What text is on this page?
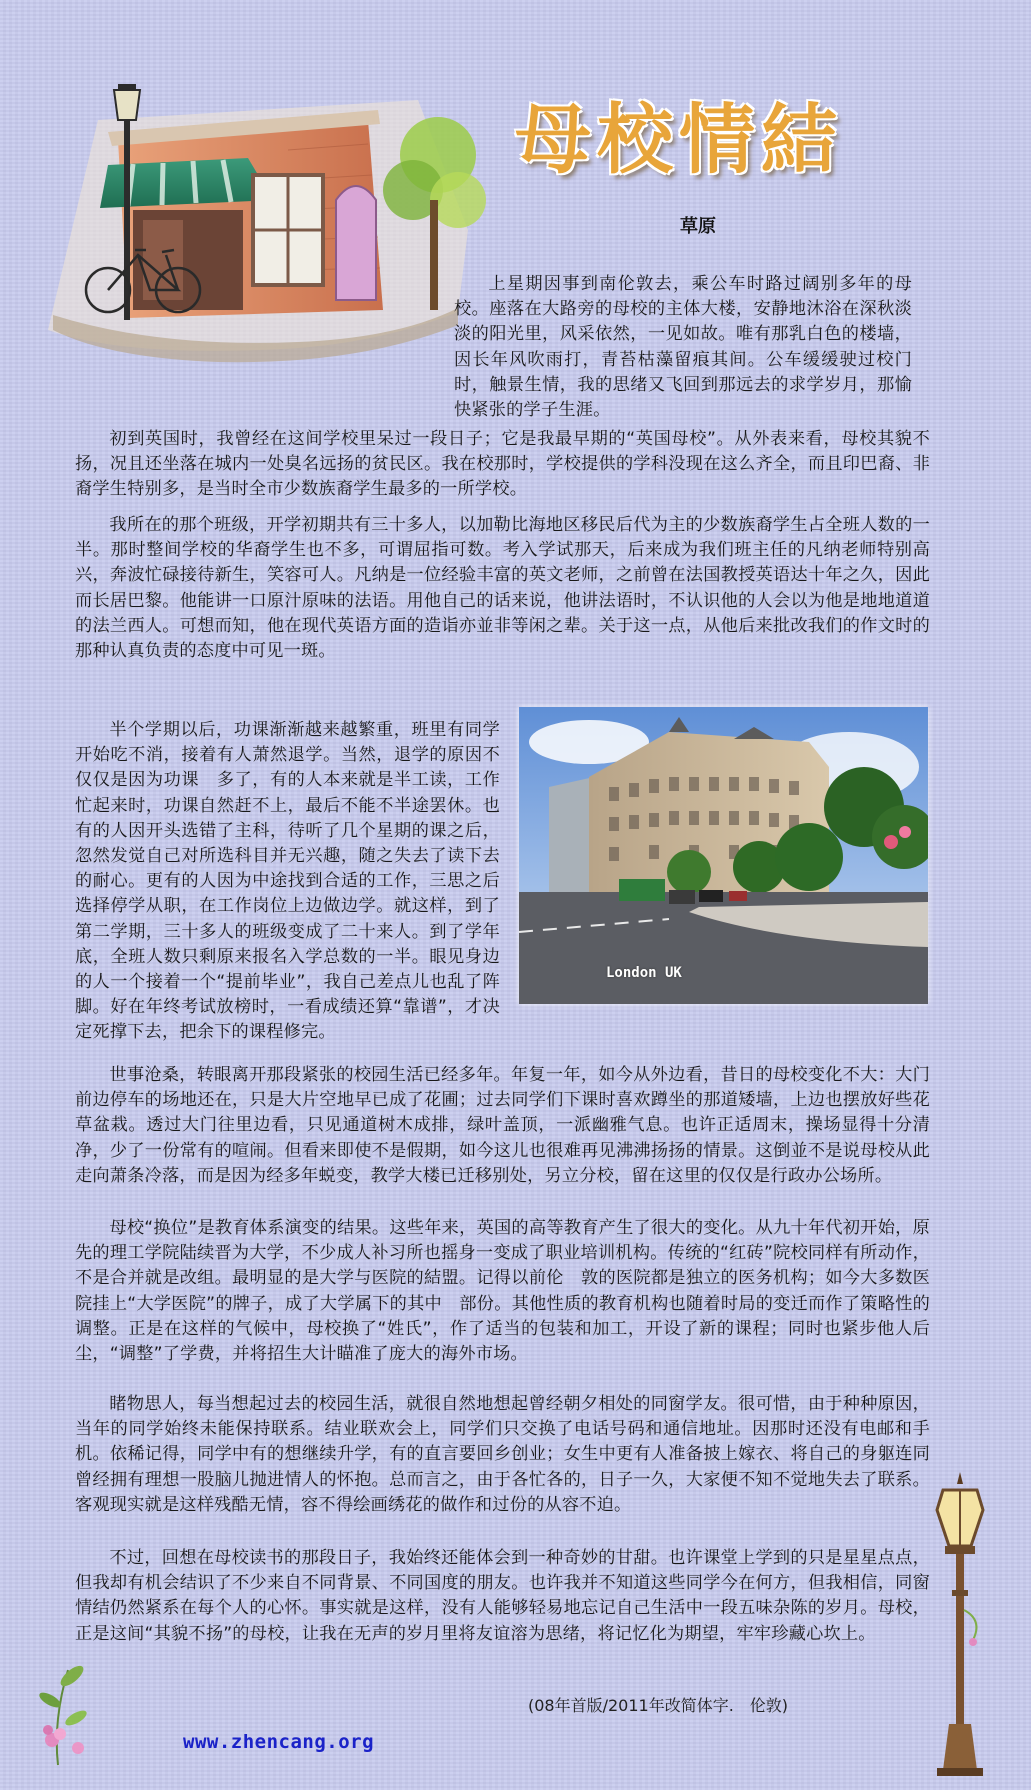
母校情結
草原

上星期因事到南伦敦去，乘公车时路过阔别多年的母校。座落在大路旁的母校的主体大楼，安静地沐浴在深秋淡淡的阳光里，风采依然，一见如故。唯有那乳白色的楼墙，因长年风吹雨打，青苔枯藻留痕其间。公车缓缓驶过校门时，触景生情，我的思绪又飞回到那远去的求学岁月，那愉快紧张的学子生涯。

初到英国时，我曾经在这间学校里呆过一段日子；它是我最早期的“英国母校”。从外表来看，母校其貌不扬，况且还坐落在城内一处臭名远扬的贫民区。我在校那时，学校提供的学科没现在这么齐全，而且印巴裔、非裔学生特别多，是当时全市少数族裔学生最多的一所学校。

我所在的那个班级，开学初期共有三十多人，以加勒比海地区移民后代为主的少数族裔学生占全班人数的一半。那时整间学校的华裔学生也不多，可谓屈指可数。考入学试那天，后来成为我们班主任的凡纳老师特别高兴，奔波忙碌接待新生，笑容可人。凡纳是一位经验丰富的英文老师，之前曾在法国教授英语达十年之久，因此而长居巴黎。他能讲一口原汁原味的法语。用他自己的话来说，他讲法语时，不认识他的人会以为他是地地道道的法兰西人。可想而知，他在现代英语方面的造诣亦並非等闲之辈。关于这一点，从他后来批改我们的作文时的那种认真负责的态度中可见一斑。

半个学期以后，功课渐渐越来越繁重，班里有同学开始吃不消，接着有人萧然退学。当然，退学的原因不仅仅是因为功课　多了，有的人本来就是半工读，工作忙起来时，功课自然赶不上，最后不能不半途罢休。也有的人因开头选错了主科，待听了几个星期的课之后，忽然发觉自己对所选科目并无兴趣，随之失去了读下去的耐心。更有的人因为中途找到合适的工作，三思之后选择停学从职，在工作岗位上边做边学。就这样，到了第二学期，三十多人的班级变成了二十来人。到了学年底，全班人数只剩原来报名入学总数的一半。眼见身边的人一个接着一个“提前毕业”，我自己差点儿也乱了阵脚。好在年终考试放榜时，一看成绩还算“靠谱”，才决定死撑下去，把余下的课程修完。

London UK

世事沧桑，转眼离开那段紧张的校园生活已经多年。年复一年，如今从外边看，昔日的母校变化不大：大门前边停车的场地还在，只是大片空地早已成了花圃；过去同学们下课时喜欢蹲坐的那道矮墙，上边也摆放好些花草盆栽。透过大门往里边看，只见通道树木成排，绿叶盖顶，一派幽雅气息。也许正适周末，操场显得十分清净，少了一份常有的喧闹。但看来即使不是假期，如今这儿也很难再见沸沸扬扬的情景。这倒並不是说母校从此走向萧条冷落，而是因为经多年蜕变，教学大楼已迁移别处，另立分校，留在这里的仅仅是行政办公场所。

母校“换位”是教育体系演变的结果。这些年来，英国的高等教育产生了很大的变化。从九十年代初开始，原先的理工学院陆续晋为大学，不少成人补习所也摇身一变成了职业培训机构。传统的“红砖”院校同样有所动作，不是合并就是改组。最明显的是大学与医院的結盟。记得以前伦　敦的医院都是独立的医务机构；如今大多数医院挂上“大学医院”的牌子，成了大学属下的其中　部份。其他性质的教育机构也随着时局的变迁而作了策略性的调整。正是在这样的气候中，母校换了“姓氏”，作了适当的包装和加工，开设了新的课程；同时也紧步他人后尘，“调整”了学费，并将招生大计瞄准了庞大的海外市场。

睹物思人，每当想起过去的校园生活，就很自然地想起曾经朝夕相处的同窗学友。很可惜，由于种种原因，当年的同学始终未能保持联系。结业联欢会上，同学们只交换了电话号码和通信地址。因那时还没有电邮和手机。依稀记得，同学中有的想继续升学，有的直言要回乡创业；女生中更有人准备披上嫁衣、将自己的身躯连同曾经拥有理想一股脑儿抛进情人的怀抱。总而言之，由于各忙各的，日子一久，大家便不知不觉地失去了联系。客观现实就是这样残酷无情，容不得绘画绣花的做作和过份的从容不迫。

不过，回想在母校读书的那段日子，我始终还能体会到一种奇妙的甘甜。也许课堂上学到的只是星星点点，但我却有机会结识了不少来自不同背景、不同国度的朋友。也许我并不知道这些同学今在何方，但我相信，同窗情结仍然紧系在每个人的心怀。事实就是这样，没有人能够轻易地忘记自己生活中一段五味杂陈的岁月。母校，正是这间“其貌不扬”的母校，让我在无声的岁月里将友谊溶为思绪，将记忆化为期望，牢牢珍藏心坎上。

(08年首版/2011年改简体字.　伦敦)
www.zhencang.org
